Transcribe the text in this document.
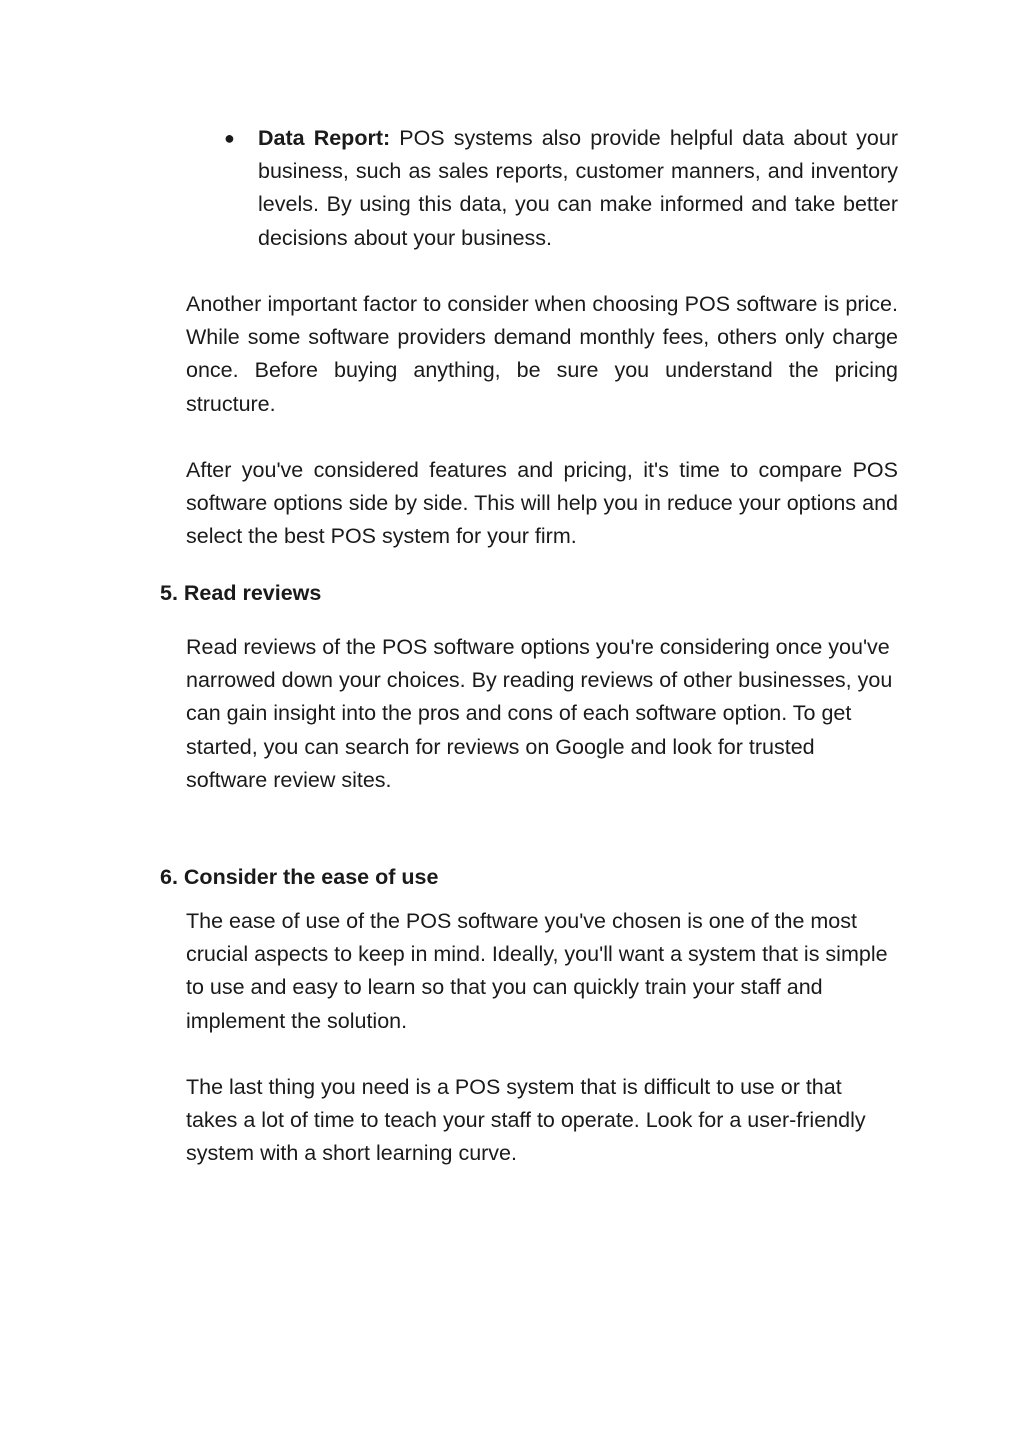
●	Data Report: POS systems also provide helpful data about your business, such as sales reports, customer manners, and inventory levels. By using this data, you can make informed and take better decisions about your business.

Another important factor to consider when choosing POS software is price. While some software providers demand monthly fees, others only charge once. Before buying anything, be sure you understand the pricing structure.

After you've considered features and pricing, it's time to compare POS software options side by side. This will help you in reduce your options and select the best POS system for your firm.

5. Read reviews

Read reviews of the POS software options you're considering once you've narrowed down your choices. By reading reviews of other businesses, you can gain insight into the pros and cons of each software option. To get started, you can search for reviews on Google and look for trusted software review sites.

6. Consider the ease of use

The ease of use of the POS software you've chosen is one of the most crucial aspects to keep in mind. Ideally, you'll want a system that is simple to use and easy to learn so that you can quickly train your staff and implement the solution.

The last thing you need is a POS system that is difficult to use or that takes a lot of time to teach your staff to operate. Look for a user-friendly system with a short learning curve.
